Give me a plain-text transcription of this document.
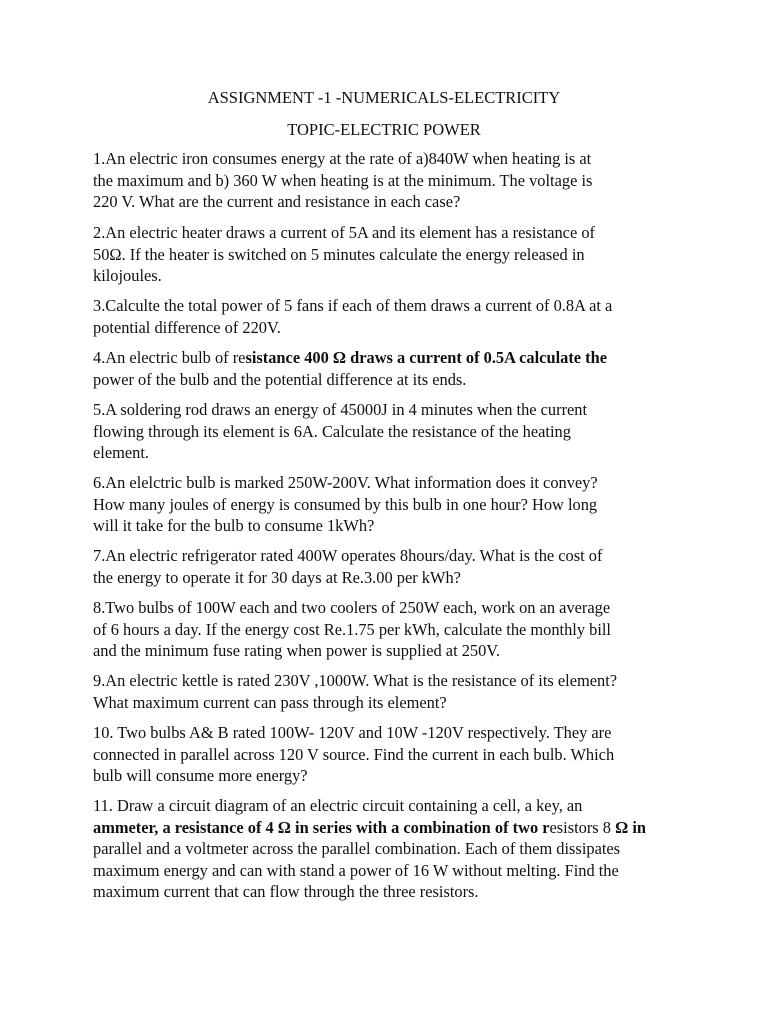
ASSIGNMENT -1 -NUMERICALS-ELECTRICITY
TOPIC-ELECTRIC POWER

1.An electric iron consumes energy at the rate of a)840W when heating is at

the maximum and b) 360 W when heating is at the minimum. The voltage is

220 V. What are the current and resistance in each case?

2.An electric heater draws a current of 5A and its element has a resistance of

50Ω. If the heater is switched on 5 minutes calculate the energy released in

kilojoules.

3.Calculte the total power of 5 fans if each of them draws a current of 0.8A at a

potential difference of 220V.

4.An electric bulb of resistance 400 Ω draws a current of 0.5A calculate the

power of the bulb and the potential difference at its ends.

5.A soldering rod draws an energy of 45000J in 4 minutes when the current

flowing through its element is 6A. Calculate the resistance of the heating

element.

6.An elelctric bulb is marked 250W-200V. What information does it convey?

How many joules of energy is consumed by this bulb in one hour? How long

will it take for the bulb to consume 1kWh?

7.An electric refrigerator rated 400W operates 8hours/day. What is the cost of

the energy to operate it for 30 days at Re.3.00 per kWh?

8.Two bulbs of 100W each and two coolers of 250W each, work on an average

of 6 hours a day. If the energy cost Re.1.75 per kWh, calculate the monthly bill

and the minimum fuse rating when power is supplied at 250V.

9.An electric kettle is rated 230V ,1000W. What is the resistance of its element?

What maximum current can pass through its element?

10. Two bulbs A& B rated 100W- 120V and 10W -120V respectively. They are

connected in parallel across 120 V source. Find the current in each bulb. Which

bulb will consume more energy?

11. Draw a circuit diagram of an electric circuit containing a cell, a key, an

ammeter, a resistance of 4 Ω in series with a combination of two resistors 8 Ω in

parallel and a voltmeter across the parallel combination. Each of them dissipates

maximum energy and can with stand a power of 16 W without melting. Find the

maximum current that can flow through the three resistors.
